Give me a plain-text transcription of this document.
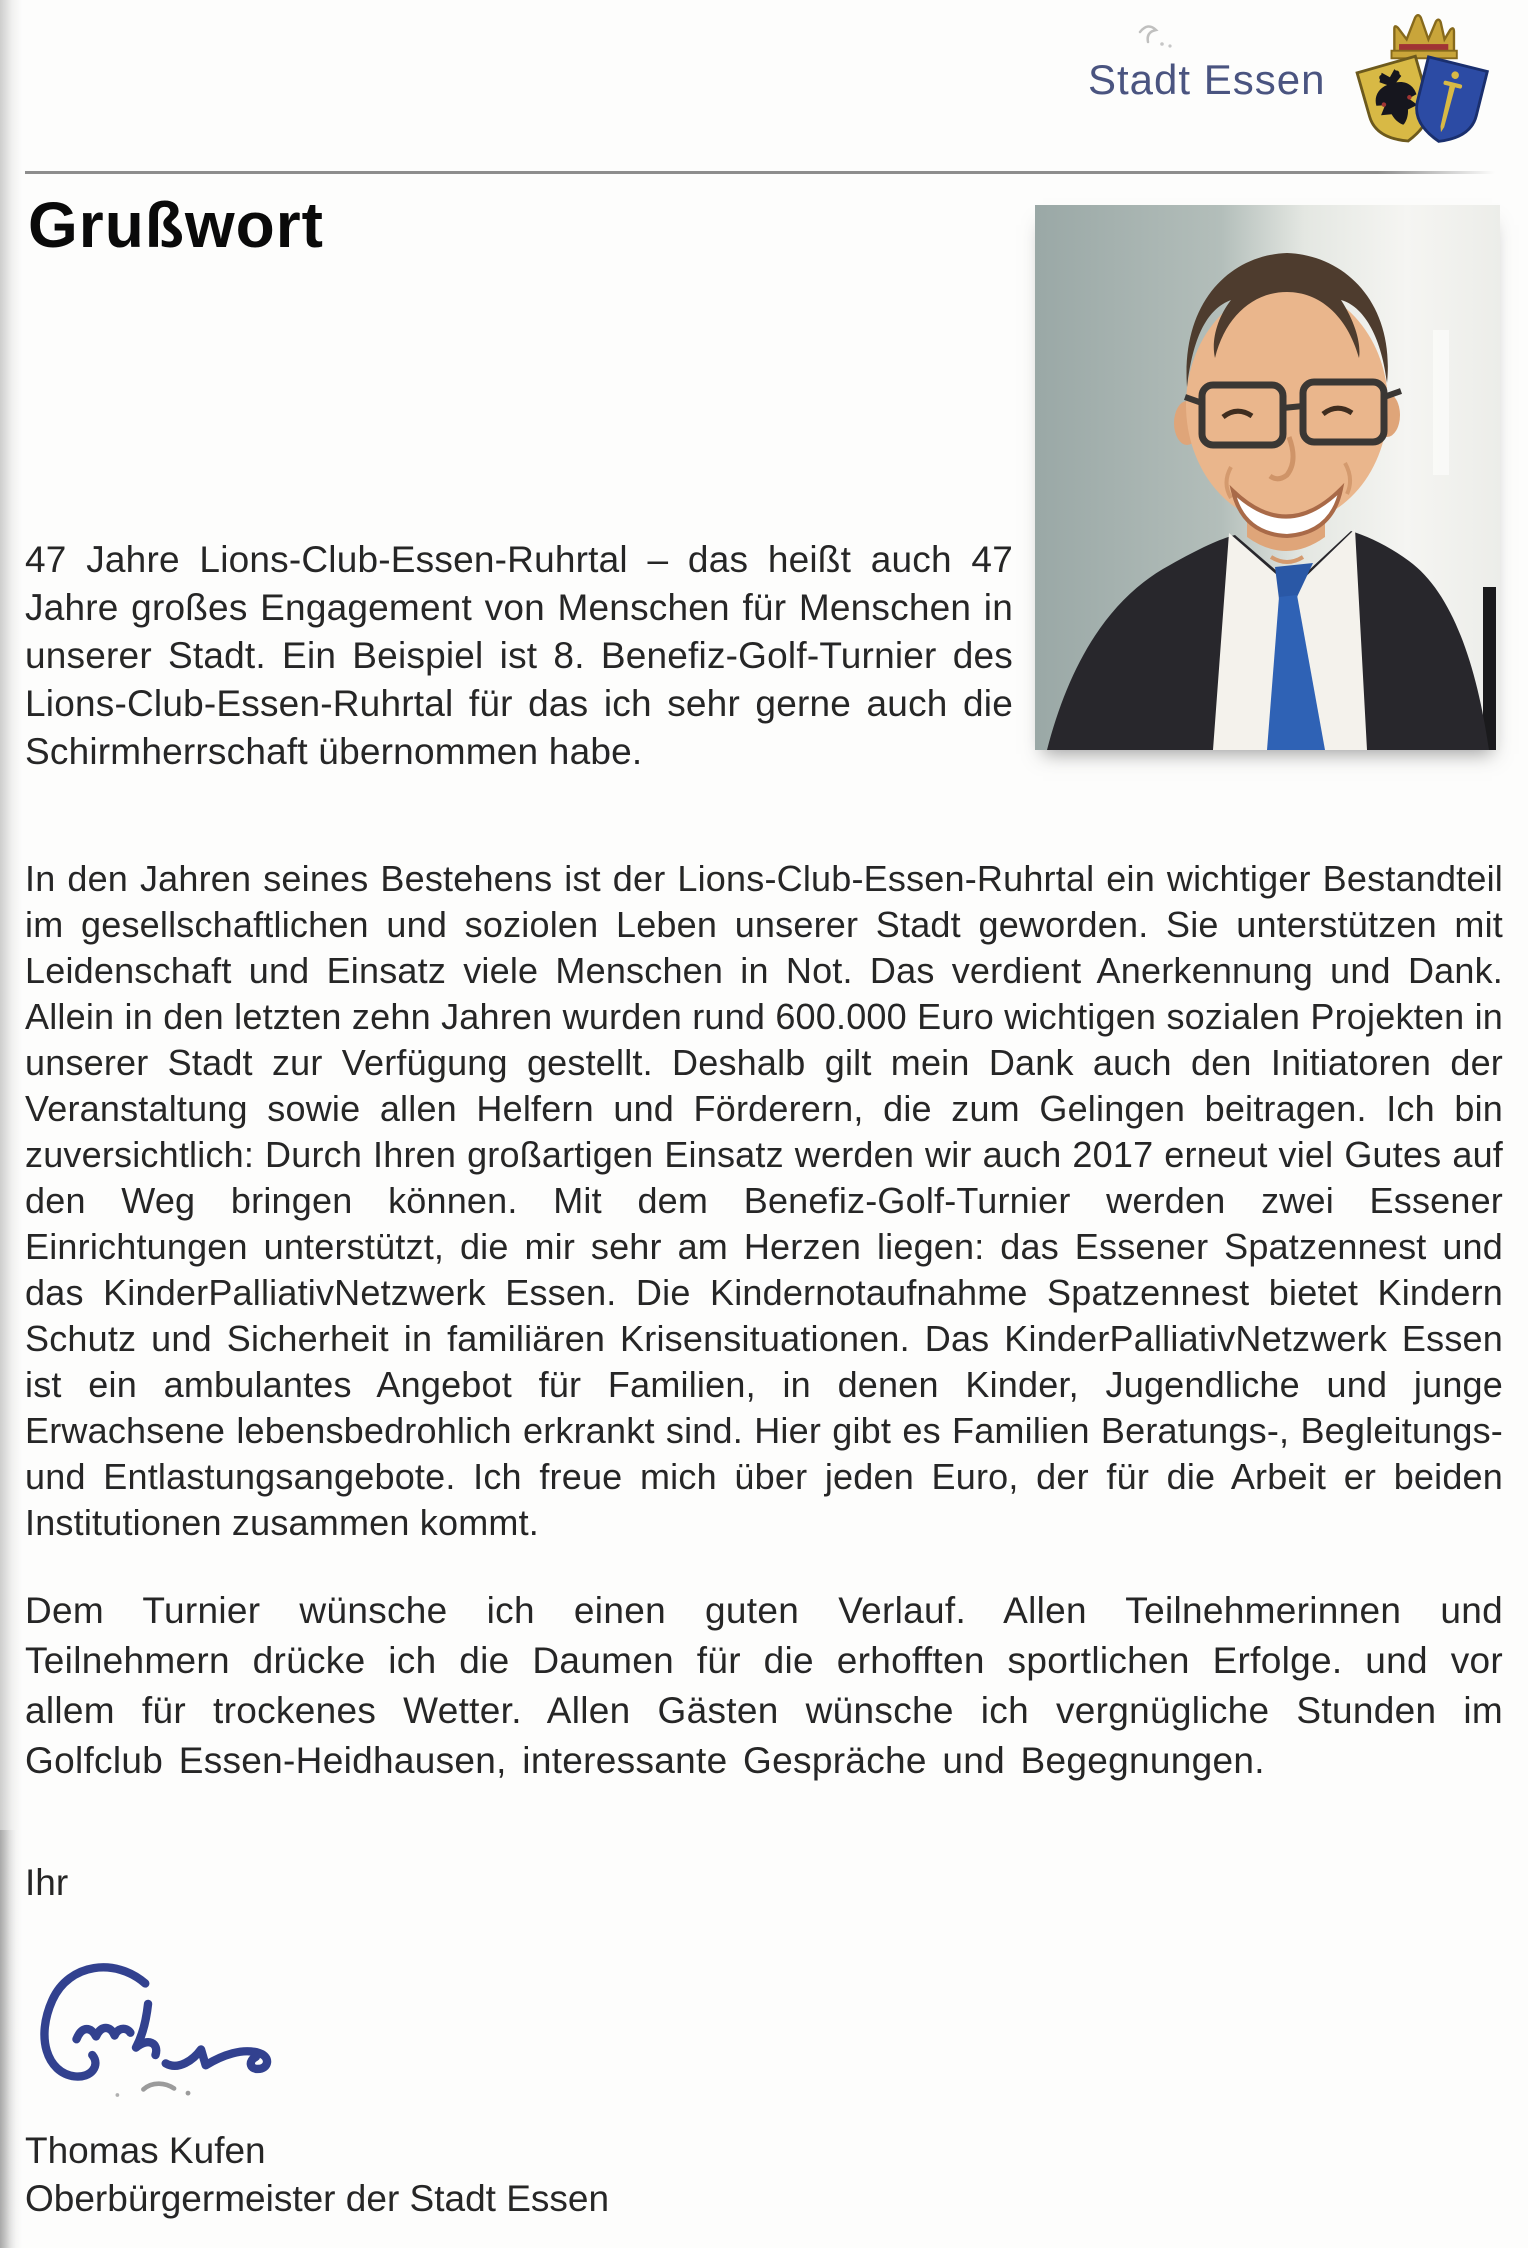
Stadt Essen
Grußwort

47 Jahre Lions-Club-Essen-Ruhrtal – das heißt auch 47 Jahre großes Engagement von Menschen für Menschen in unserer Stadt. Ein Beispiel ist 8. Benefiz-Golf-Turnier des Lions-Club-Essen-Ruhrtal für das ich sehr gerne auch die Schirmherrschaft übernommen habe.

In den Jahren seines Bestehens ist der Lions-Club-Essen-Ruhrtal ein wichtiger Bestandteil im gesellschaftlichen und soziolen Leben unserer Stadt geworden. Sie unterstützen mit Leidenschaft und Einsatz viele Menschen in Not. Das verdient Anerkennung und Dank. Allein in den letzten zehn Jahren wurden rund 600.000 Euro wichtigen sozialen Projekten in unserer Stadt zur Verfügung gestellt. Deshalb gilt mein Dank auch den Initiatoren der Veranstaltung sowie allen Helfern und Förderern, die zum Gelingen beitragen. Ich bin zuversichtlich: Durch Ihren großartigen Einsatz werden wir auch 2017 erneut viel Gutes auf den Weg bringen können. Mit dem Benefiz-Golf-Turnier werden zwei Essener Einrichtungen unterstützt, die mir sehr am Herzen liegen: das Essener Spatzennest und das KinderPalliativNetzwerk Essen. Die Kindernotaufnahme Spatzennest bietet Kindern Schutz und Sicherheit in familiären Krisensituationen. Das KinderPalliativNetzwerk Essen ist ein ambulantes Angebot für Familien, in denen Kinder, Jugendliche und junge Erwachsene lebensbedrohlich erkrankt sind. Hier gibt es Familien Beratungs-, Begleitungs- und Entlastungsangebote. Ich freue mich über jeden Euro, der für die Arbeit er beiden Institutionen zusammen kommt.

Dem Turnier wünsche ich einen guten Verlauf. Allen Teilnehmerinnen und Teilnehmern drücke ich die Daumen für die erhofften sportlichen Erfolge. und vor allem für trockenes Wetter. Allen Gästen wünsche ich vergnügliche Stunden im Golfclub Essen-Heidhausen, interessante Gespräche und Begegnungen.

Ihr

Thomas Kufen

Oberbürgermeister der Stadt Essen
